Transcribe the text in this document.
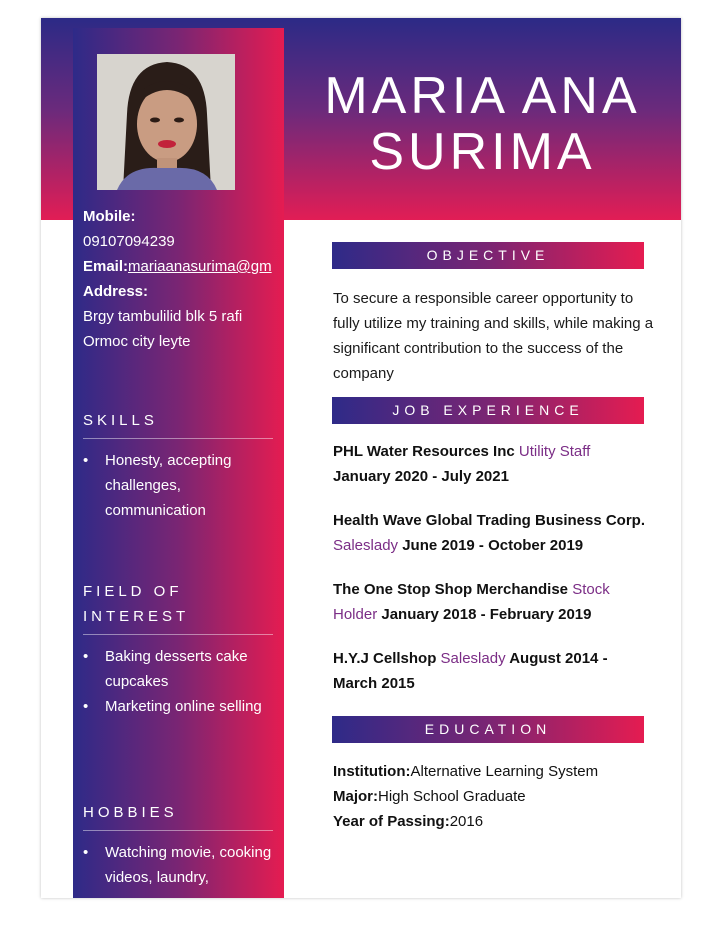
Mobile:
09107094239
Email:mariaanasurima@gm
Address:
Brgy tambulilid blk 5 rafi Ormoc city leyte
SKILLS
• Honesty, accepting challenges, communication
FIELD OF INTEREST
• Baking desserts cake cupcakes
• Marketing online selling
HOBBIES
• Watching movie, cooking videos, laundry,
MARIA ANA
SURIMA
OBJECTIVE
To secure a responsible career opportunity to fully utilize my training and skills, while making a significant contribution to the success of the company
JOB EXPERIENCE
PHL Water Resources Inc Utility Staff
January 2020 - July 2021
Health Wave Global Trading Business Corp. Saleslady June 2019 - October 2019
The One Stop Shop Merchandise Stock Holder January 2018 - February 2019
H.Y.J Cellshop Saleslady August 2014 - March 2015
EDUCATION
Institution:Alternative Learning System
Major:High School Graduate
Year of Passing:2016
